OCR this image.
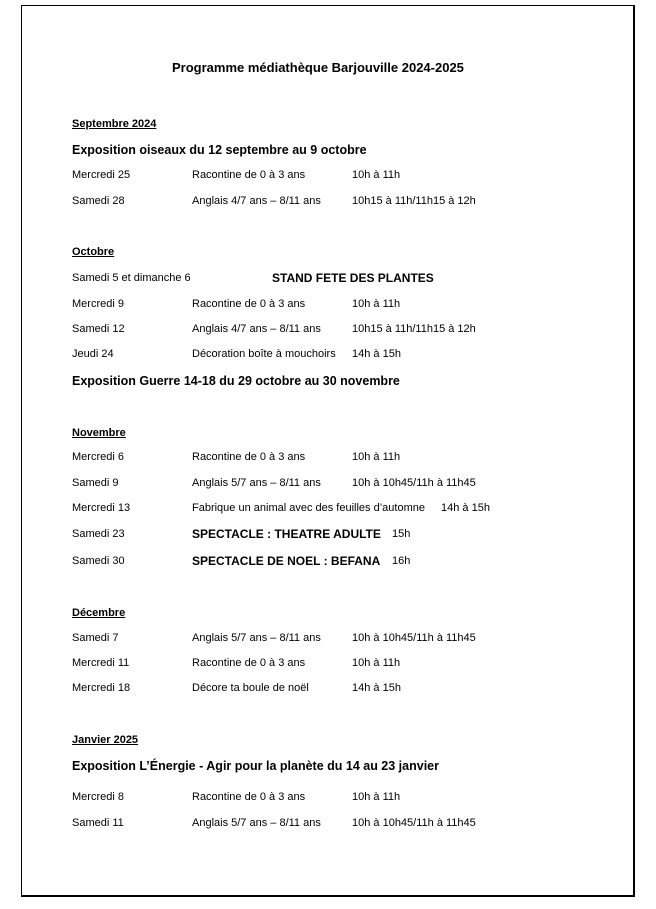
Programme médiathèque Barjouville 2024-2025
Septembre 2024
Exposition oiseaux du 12 septembre au 9 octobre
Mercredi 25	Racontine de 0 à 3 ans	10h à 11h
Samedi 28	Anglais 4/7 ans – 8/11 ans	10h15 à 11h/11h15 à 12h
Octobre
Samedi 5 et dimanche 6	STAND FETE DES PLANTES
Mercredi 9	Racontine de 0 à 3 ans	10h à 11h
Samedi 12	Anglais 4/7 ans – 8/11 ans	10h15 à 11h/11h15 à 12h
Jeudi 24	Décoration boîte à mouchoirs 14h à 15h
Exposition Guerre 14-18 du 29 octobre au 30 novembre
Novembre
Mercredi 6	Racontine de 0 à 3 ans	10h à 11h
Samedi 9	Anglais 5/7 ans – 8/11 ans	10h à 10h45/11h à 11h45
Mercredi 13	Fabrique un animal avec des feuilles d’automne 14h à 15h
Samedi 23	SPECTACLE : THEATRE ADULTE 15h
Samedi 30	SPECTACLE DE NOEL : BEFANA 16h
Décembre
Samedi 7	Anglais 5/7 ans – 8/11 ans	10h à 10h45/11h à 11h45
Mercredi 11	Racontine de 0 à 3 ans	10h à 11h
Mercredi 18	Décore ta boule de noël	14h à 15h
Janvier 2025
Exposition L’Énergie - Agir pour la planète du 14 au 23 janvier
Mercredi 8	Racontine de 0 à 3 ans	10h à 11h
Samedi 11	Anglais 5/7 ans – 8/11 ans	10h à 10h45/11h à 11h45
